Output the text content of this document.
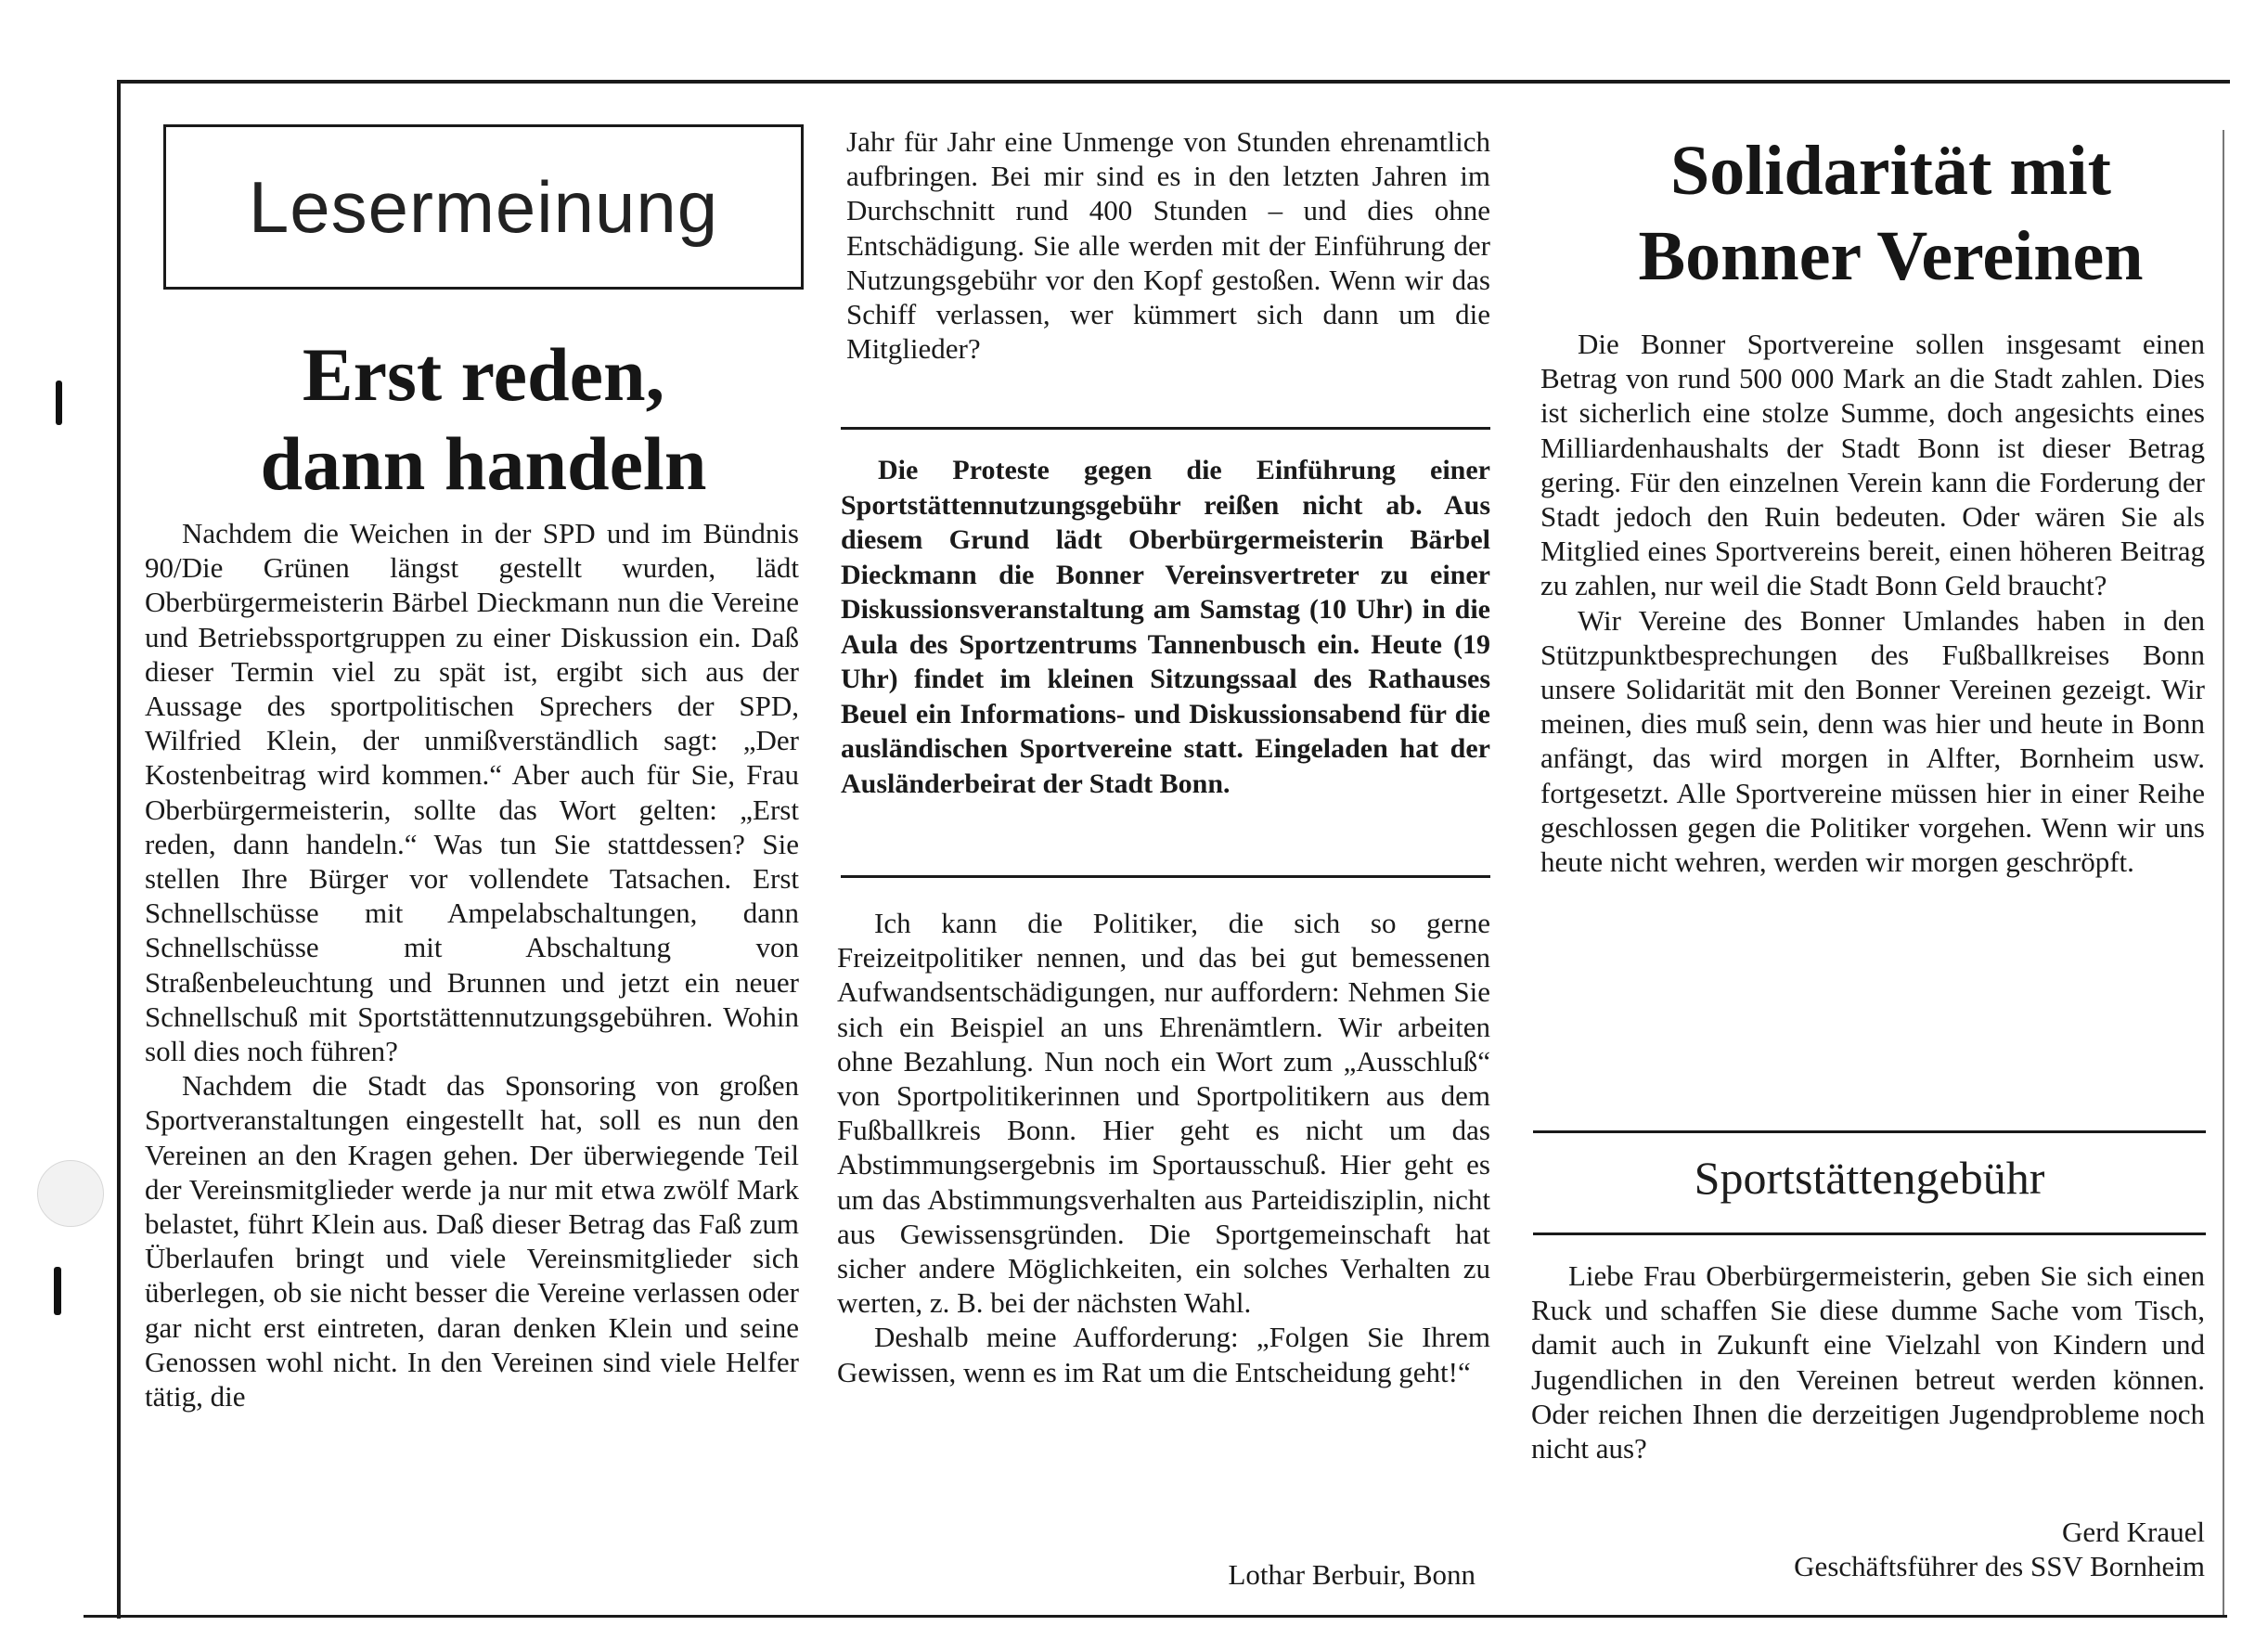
Lesermeinung
Erst reden,
dann handeln

Nachdem die Weichen in der SPD und im Bündnis 90/Die Grünen längst gestellt wurden, lädt Oberbürgermeisterin Bärbel Dieckmann nun die Vereine und Betriebssportgruppen zu einer Diskussion ein. Daß dieser Termin viel zu spät ist, ergibt sich aus der Aussage des sportpolitischen Sprechers der SPD, Wilfried Klein, der unmißverständlich sagt: „Der Kostenbeitrag wird kommen.“ Aber auch für Sie, Frau Oberbürgermeisterin, sollte das Wort gelten: „Erst reden, dann handeln.“ Was tun Sie stattdessen? Sie stellen Ihre Bürger vor vollendete Tatsachen. Erst Schnellschüsse mit Ampelabschaltungen, dann Schnellschüsse mit Abschaltung von Straßenbeleuchtung und Brunnen und jetzt ein neuer Schnellschuß mit Sportstättennutzungsgebühren. Wohin soll dies noch führen?

Nachdem die Stadt das Sponsoring von großen Sportveranstaltungen eingestellt hat, soll es nun den Vereinen an den Kragen gehen. Der überwiegende Teil der Vereinsmitglieder werde ja nur mit etwa zwölf Mark belastet, führt Klein aus. Daß dieser Betrag das Faß zum Überlaufen bringt und viele Vereinsmitglieder sich überlegen, ob sie nicht besser die Vereine verlassen oder gar nicht erst eintreten, daran denken Klein und seine Genossen wohl nicht. In den Vereinen sind viele Helfer tätig, die

Jahr für Jahr eine Unmenge von Stunden ehrenamtlich aufbringen. Bei mir sind es in den letzten Jahren im Durchschnitt rund 400 Stunden – und dies ohne Entschädigung. Sie alle werden mit der Einführung der Nutzungsgebühr vor den Kopf gestoßen. Wenn wir das Schiff verlassen, wer kümmert sich dann um die Mitglieder?

Die Proteste gegen die Einführung einer Sportstättennutzungsgebühr reißen nicht ab. Aus diesem Grund lädt Oberbürgermeisterin Bärbel Dieckmann die Bonner Vereinsvertreter zu einer Diskussionsveranstaltung am Samstag (10 Uhr) in die Aula des Sportzentrums Tannenbusch ein. Heute (19 Uhr) findet im kleinen Sitzungssaal des Rathauses Beuel ein Informations- und Diskussionsabend für die ausländischen Sportvereine statt. Eingeladen hat der Ausländerbeirat der Stadt Bonn.

Ich kann die Politiker, die sich so gerne Freizeitpolitiker nennen, und das bei gut bemessenen Aufwandsentschädigungen, nur auffordern: Nehmen Sie sich ein Beispiel an uns Ehrenämtlern. Wir arbeiten ohne Bezahlung. Nun noch ein Wort zum „Ausschluß“ von Sportpolitikerinnen und Sportpolitikern aus dem Fußballkreis Bonn. Hier geht es nicht um das Abstimmungsergebnis im Sportausschuß. Hier geht es um das Abstimmungsverhalten aus Parteidisziplin, nicht aus Gewissensgründen. Die Sportgemeinschaft hat sicher andere Möglichkeiten, ein solches Verhalten zu werten, z. B. bei der nächsten Wahl.

Deshalb meine Aufforderung: „Folgen Sie Ihrem Gewissen, wenn es im Rat um die Entscheidung geht!“

Lothar Berbuir, Bonn
Solidarität mit
Bonner Vereinen

Die Bonner Sportvereine sollen insgesamt einen Betrag von rund 500 000 Mark an die Stadt zahlen. Dies ist sicherlich eine stolze Summe, doch angesichts eines Milliardenhaushalts der Stadt Bonn ist dieser Betrag gering. Für den einzelnen Verein kann die Forderung der Stadt jedoch den Ruin bedeuten. Oder wären Sie als Mitglied eines Sportvereins bereit, einen höheren Beitrag zu zahlen, nur weil die Stadt Bonn Geld braucht?

Wir Vereine des Bonner Umlandes haben in den Stützpunktbesprechungen des Fußballkreises Bonn unsere Solidarität mit den Bonner Vereinen gezeigt. Wir meinen, dies muß sein, denn was hier und heute in Bonn anfängt, das wird morgen in Alfter, Bornheim usw. fortgesetzt. Alle Sportvereine müssen hier in einer Reihe geschlossen gegen die Politiker vorgehen. Wenn wir uns heute nicht wehren, werden wir morgen geschröpft.

Sportstättengebühr

Liebe Frau Oberbürgermeisterin, geben Sie sich einen Ruck und schaffen Sie diese dumme Sache vom Tisch, damit auch in Zukunft eine Vielzahl von Kindern und Jugendlichen in den Vereinen betreut werden können. Oder reichen Ihnen die derzeitigen Jugendprobleme noch nicht aus?

Gerd Krauel
Geschäftsführer des SSV Bornheim
